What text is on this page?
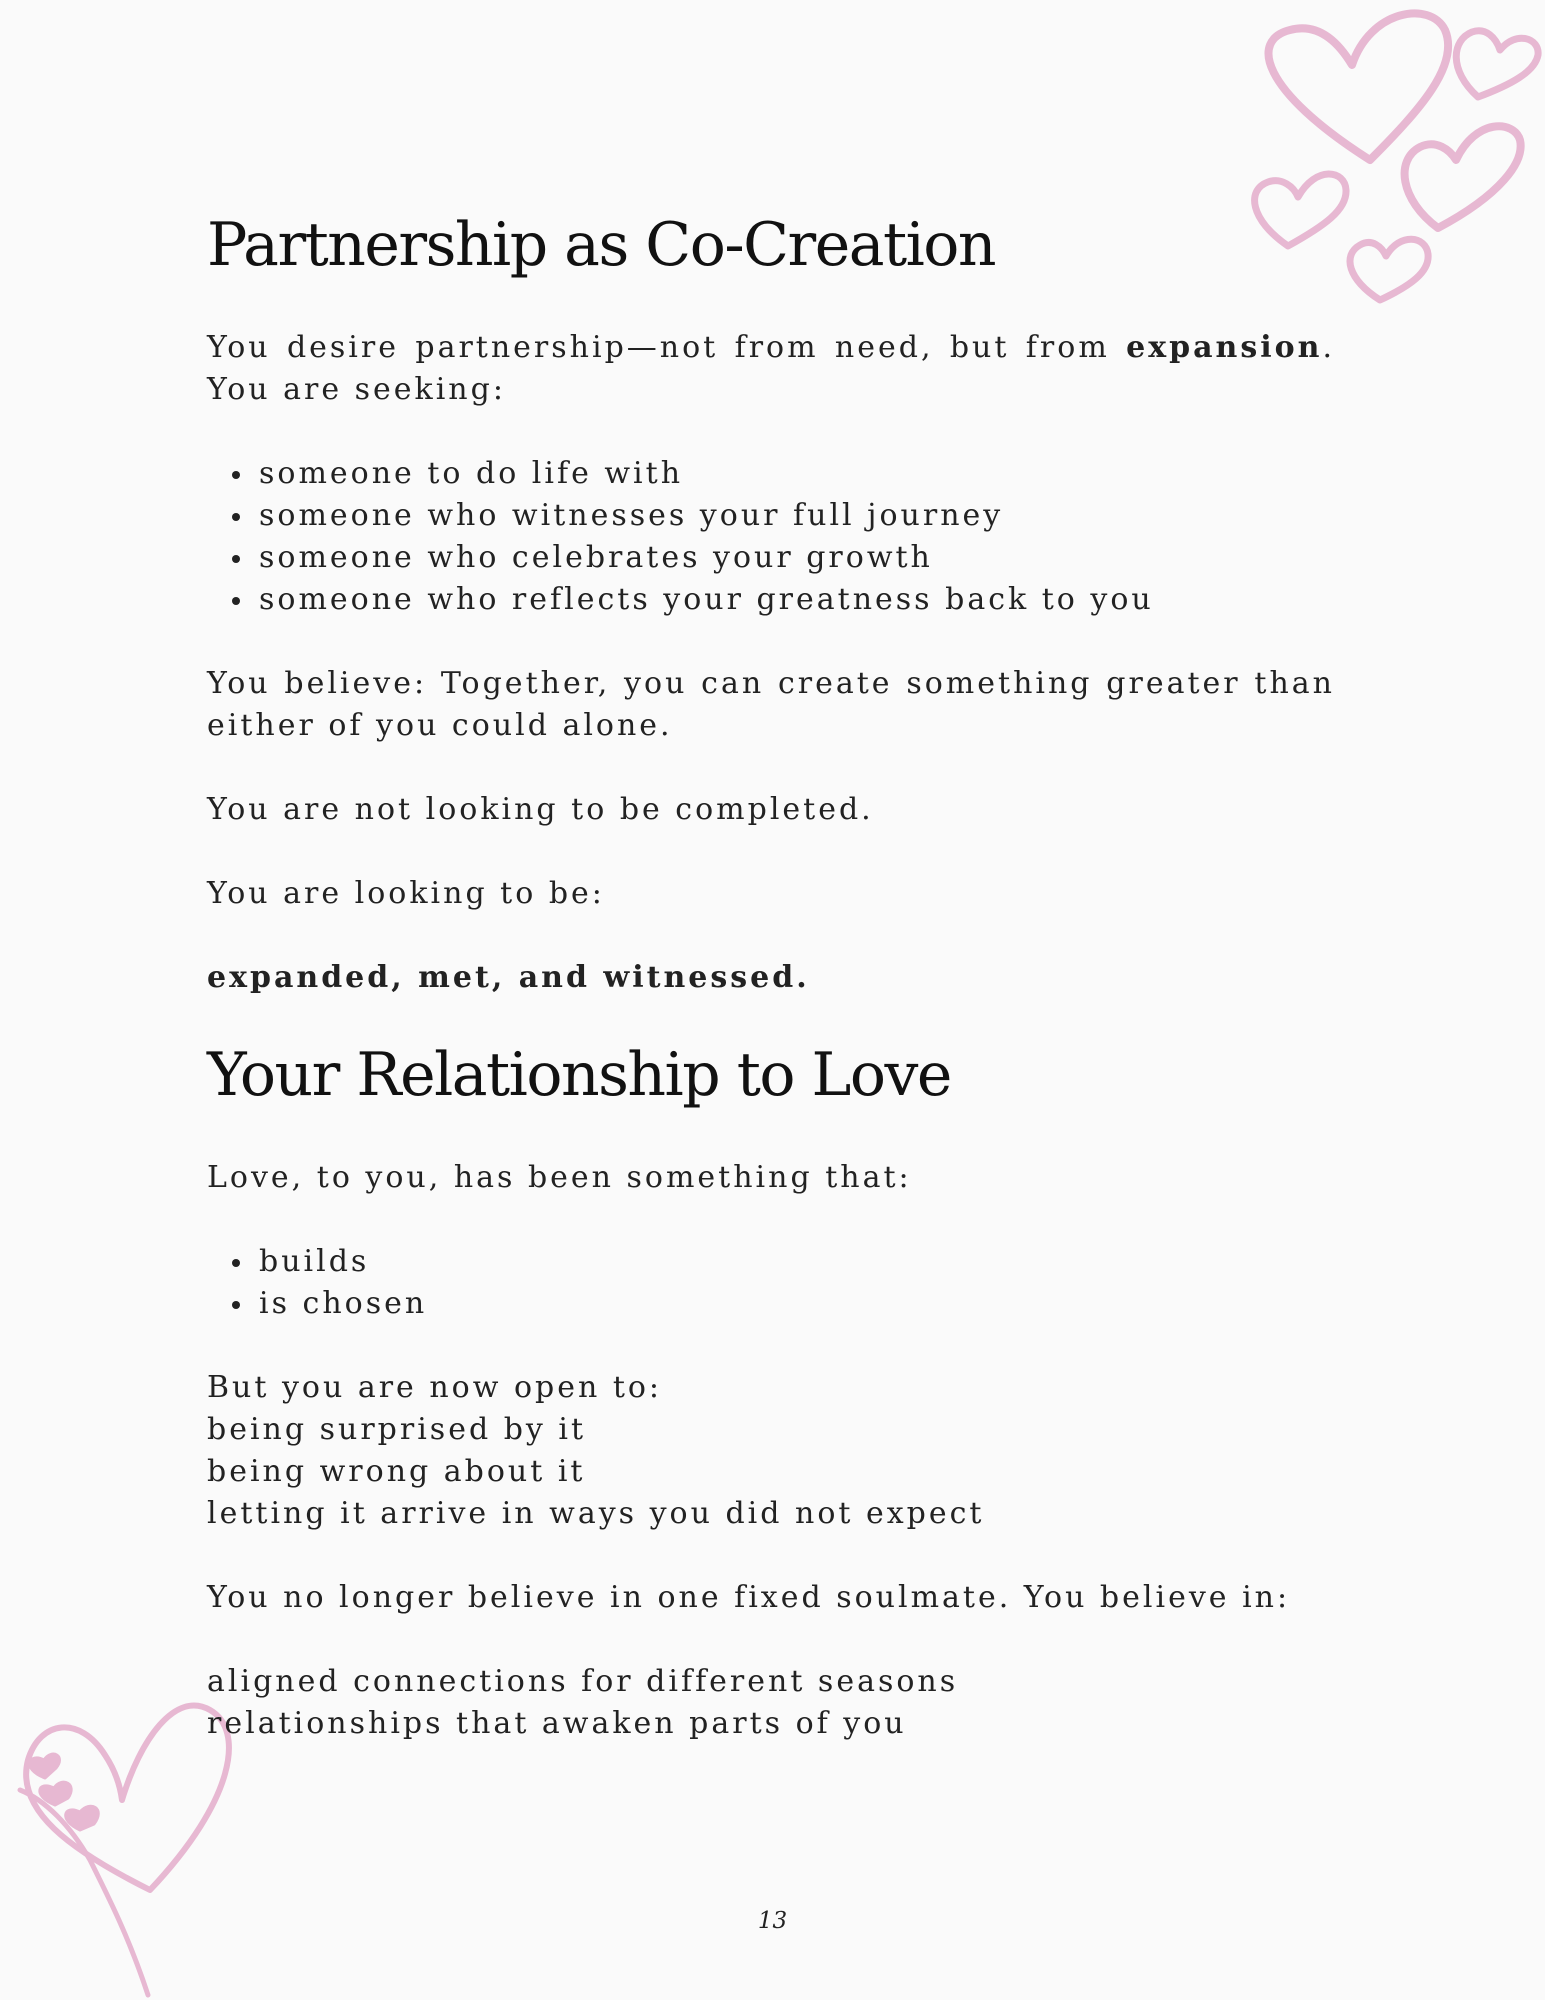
Partnership as Co-Creation

You desire partnership—not from need, but from expansion. You are seeking:

someone to do life with
someone who witnesses your full journey
someone who celebrates your growth
someone who reflects your greatness back to you

You believe: Together, you can create something greater than either of you could alone.

You are not looking to be completed.

You are looking to be:

expanded, met, and witnessed.

Your Relationship to Love

Love, to you, has been something that:

builds
is chosen

But you are now open to:
being surprised by it
being wrong about it
letting it arrive in ways you did not expect

You no longer believe in one fixed soulmate. You believe in:

aligned connections for different seasons
relationships that awaken parts of you

13
